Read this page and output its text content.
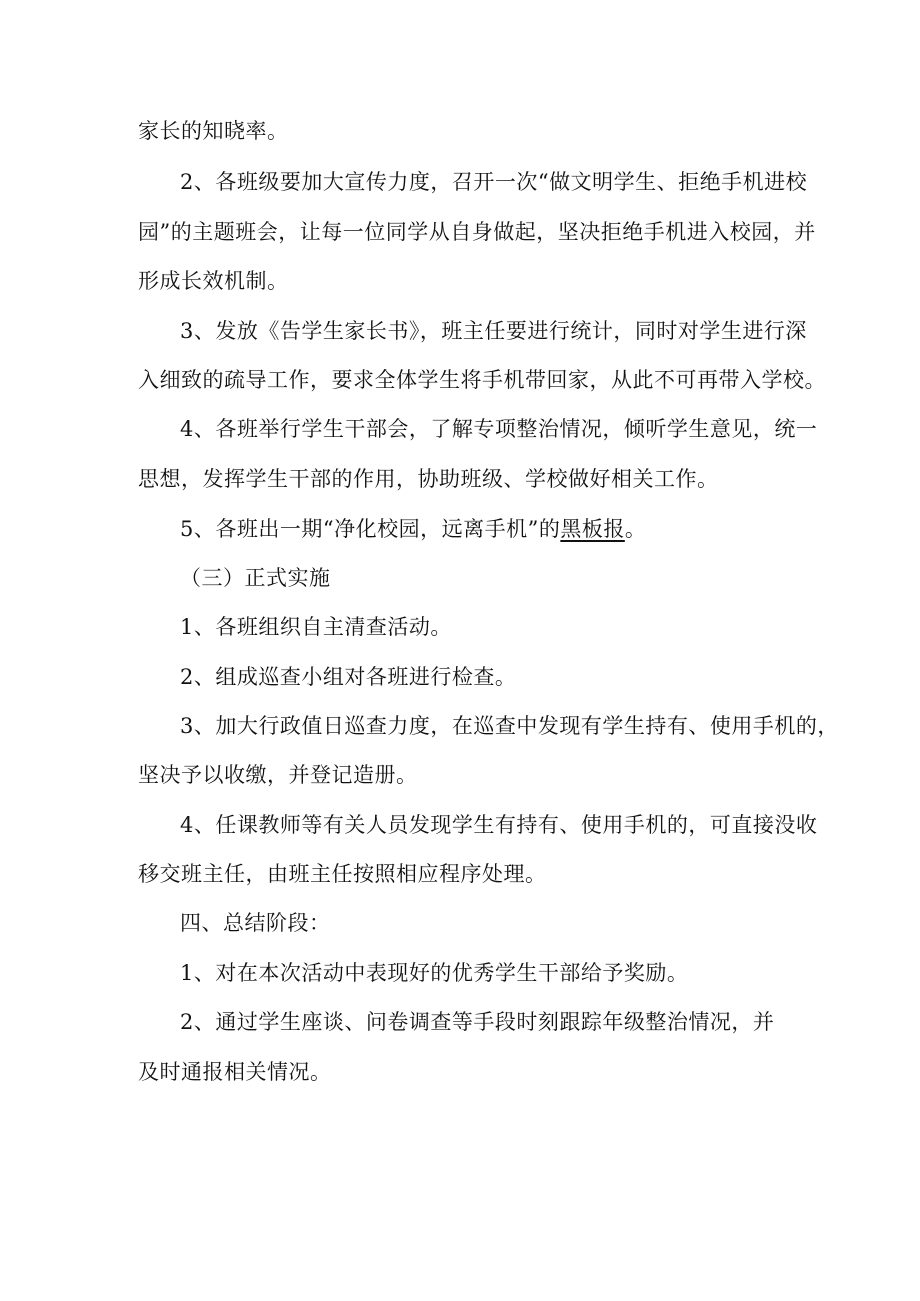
家长的知晓率。
2、各班级要加大宣传力度，召开一次“做文明学生、拒绝手机进校
园”的主题班会，让每一位同学从自身做起，坚决拒绝手机进入校园，并
形成长效机制。
3、发放《告学生家长书》，班主任要进行统计，同时对学生进行深
入细致的疏导工作，要求全体学生将手机带回家，从此不可再带入学校。
4、各班举行学生干部会，了解专项整治情况，倾听学生意见，统一
思想，发挥学生干部的作用，协助班级、学校做好相关工作。
5、各班出一期“净化校园，远离手机”的黑板报。
（三）正式实施
1、各班组织自主清查活动。
2、组成巡查小组对各班进行检查。
3、加大行政值日巡查力度，在巡查中发现有学生持有、使用手机的，
坚决予以收缴，并登记造册。
4、任课教师等有关人员发现学生有持有、使用手机的，可直接没收
移交班主任，由班主任按照相应程序处理。
四、总结阶段：
1、对在本次活动中表现好的优秀学生干部给予奖励。
2、通过学生座谈、问卷调查等手段时刻跟踪年级整治情况，并
及时通报相关情况。
